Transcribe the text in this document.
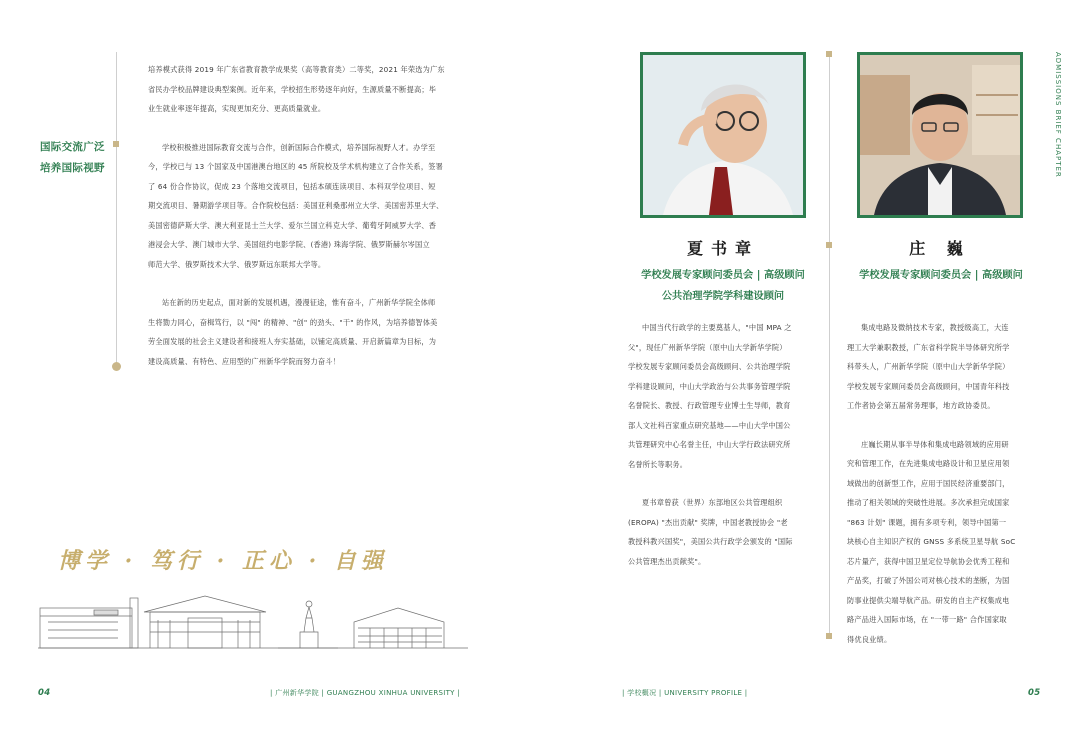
国际交流广泛
培养国际视野
培养模式获得 2019 年广东省教育教学成果奖（高等教育类）二等奖，2021 年荣选为广东
省民办学校品牌建设典型案例。近年来，学校招生形势逐年向好，生源质量不断提高；毕
业生就业率逐年提高，实现更加充分、更高质量就业。
学校积极推进国际教育交流与合作，创新国际合作模式，培养国际视野人才。办学至
今，学校已与 13 个国家及中国港澳台地区的 45 所院校及学术机构建立了合作关系，签署
了 64 份合作协议，促成 23 个落地交流项目，包括本硕连读项目、本科双学位项目、短
期交流项目、暑期游学项目等。合作院校包括：美国亚利桑那州立大学、美国密苏里大学、
美国密德萨斯大学、澳大利亚昆士兰大学、爱尔兰国立科克大学、葡萄牙阿威罗大学、香
港浸会大学、澳门城市大学、美国纽约电影学院、(香港) 珠海学院、俄罗斯赫尔岑国立
师范大学、俄罗斯技术大学、俄罗斯远东联邦大学等。
站在新的历史起点，面对新的发展机遇，漫漫征途，惟有奋斗，广州新华学院全体师
生将勠力同心，奋楫笃行，以 "闯" 的精神、"创" 的劲头、"干" 的作风，为培养德智体美
劳全面发展的社会主义建设者和接班人夯实基础，以铺定高质量、开启新篇章为目标，为
建设高质量、有特色、应用型的广州新华学院而努力奋斗！
博学 · 笃行 · 正心 · 自强
04	| 广州新华学院 | GUANGZHOU XINHUA UNIVERSITY |
ADMISSIONS BRIEF CHAPTER
夏书章
学校发展专家顾问委员会 | 高级顾问
公共治理学院学科建设顾问
中国当代行政学的主要奠基人，"中国 MPA 之
父"，现任广州新华学院（原中山大学新华学院）
学校发展专家顾问委员会高级顾问、公共治理学院
学科建设顾问，中山大学政治与公共事务管理学院
名誉院长、教授、行政管理专业博士生导师，教育
部人文社科百家重点研究基地——中山大学中国公
共管理研究中心名誉主任，中山大学行政法研究所
名誉所长等职务。
夏书章曾获（世界）东部地区公共管理组织
(EROPA) "杰出贡献" 奖牌，中国老教授协会 "老
教授科教兴国奖"，美国公共行政学会颁发的 "国际
公共管理杰出贡献奖"。
庄 巍
学校发展专家顾问委员会 | 高级顾问
集成电路及微纳技术专家，教授级高工，大连
理工大学兼职教授，广东省科学院半导体研究所学
科带头人，广州新华学院（原中山大学新华学院）
学校发展专家顾问委员会高级顾问，中国青年科技
工作者协会第五届常务理事，地方政协委员。
庄巍长期从事半导体和集成电路领域的应用研
究和管理工作，在先进集成电路设计和卫星应用领
域做出的创新型工作，应用于国民经济重要部门，
推动了相关领域的突破性进展。多次承担完成国家
"863 计划" 课题，拥有多项专利，领导中国第一
块核心自主知识产权的 GNSS 多系统卫星导航 SoC
芯片量产，获得中国卫星定位导航协会优秀工程和
产品奖，打破了外国公司对核心技术的垄断，为国
防事业提供尖端导航产品。研发的自主产权集成电
路产品进入国际市场，在 "一带一路" 合作国家取
得优良业绩。
| 学校概况 | UNIVERSITY PROFILE |	05
